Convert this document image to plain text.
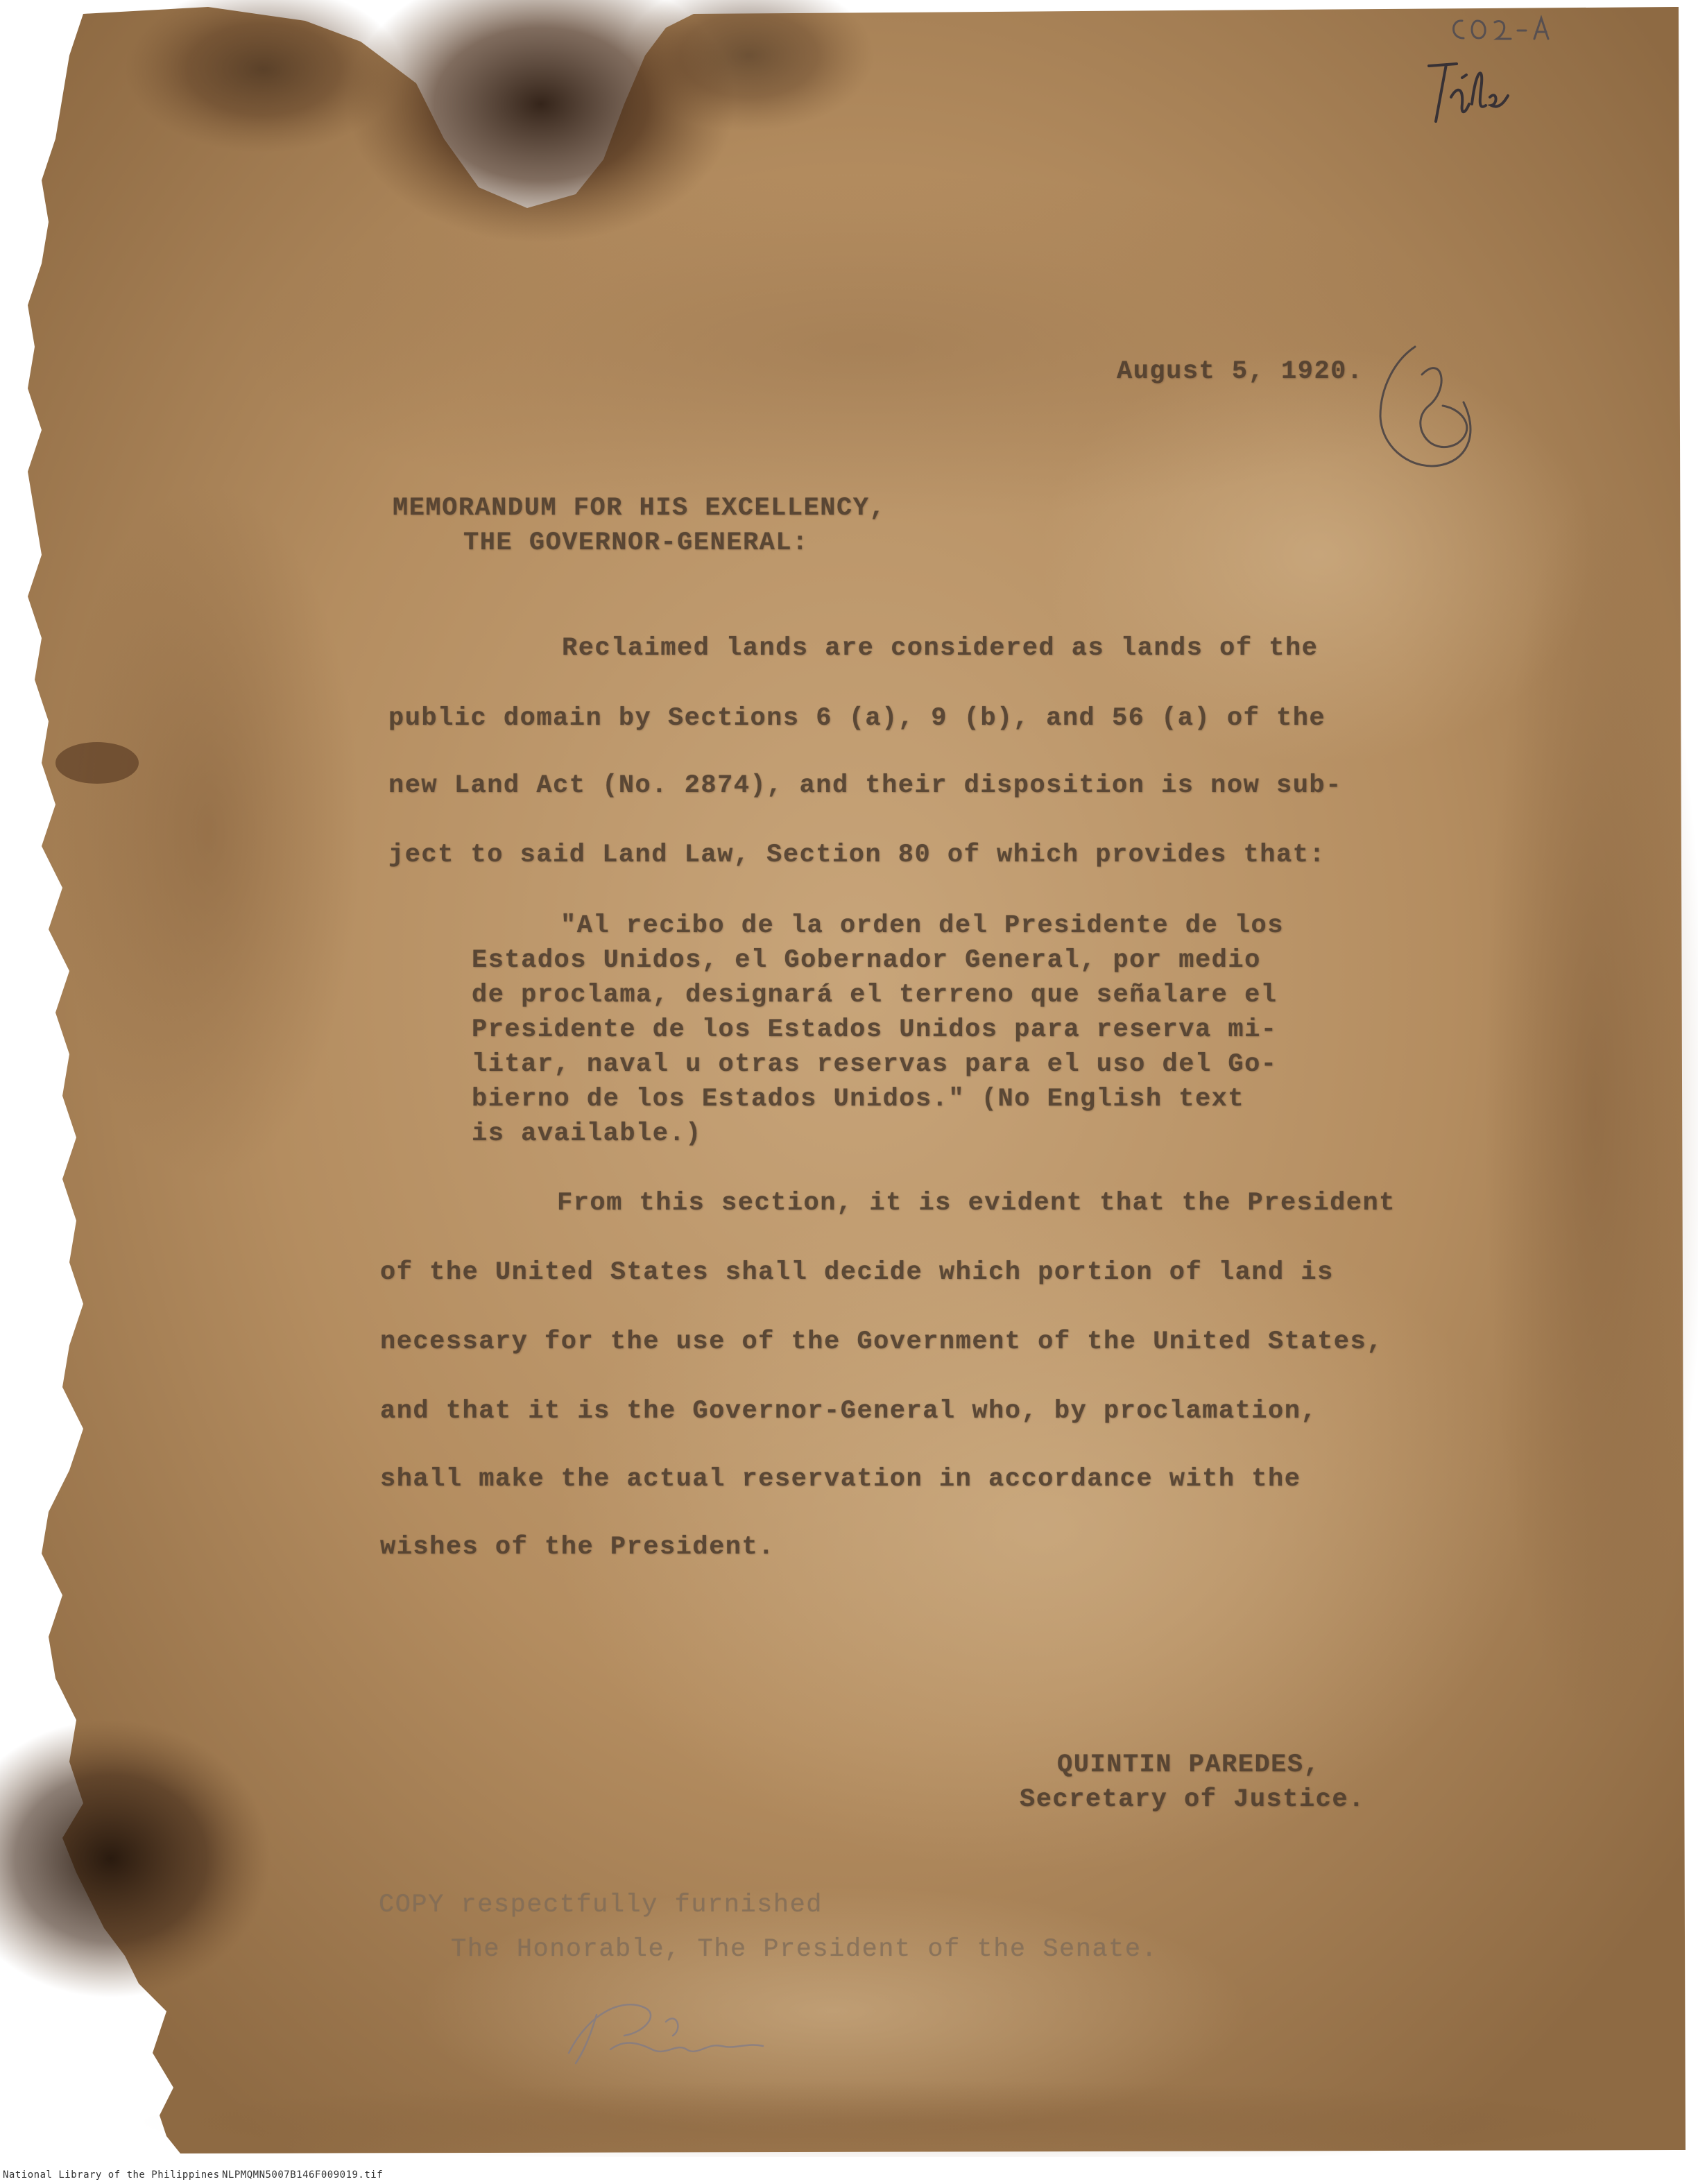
August 5, 1920.

MEMORANDUM FOR HIS EXCELLENCY,

THE GOVERNOR-GENERAL:

Reclaimed lands are considered as lands of the

public domain by Sections 6 (a), 9 (b), and 56 (a) of the

new Land Act (No. 2874), and their disposition is now sub-

ject to said Land Law, Section 80 of which provides that:

"Al recibo de la orden del Presidente de los

Estados Unidos, el Gobernador General, por medio

de proclama, designará el terreno que señalare el

Presidente de los Estados Unidos para reserva mi-

litar, naval u otras reservas para el uso del Go-

bierno de los Estados Unidos." (No English text

is available.)

From this section, it is evident that the President

of the United States shall decide which portion of land is

necessary for the use of the Government of the United States,

and that it is the Governor-General who, by proclamation,

shall make the actual reservation in accordance with the

wishes of the President.

QUINTIN PAREDES,

Secretary of Justice.

COPY respectfully furnished

The Honorable, The President of the Senate.

National Library of the Philippines NLPMQMN5007B146F009019.tif
